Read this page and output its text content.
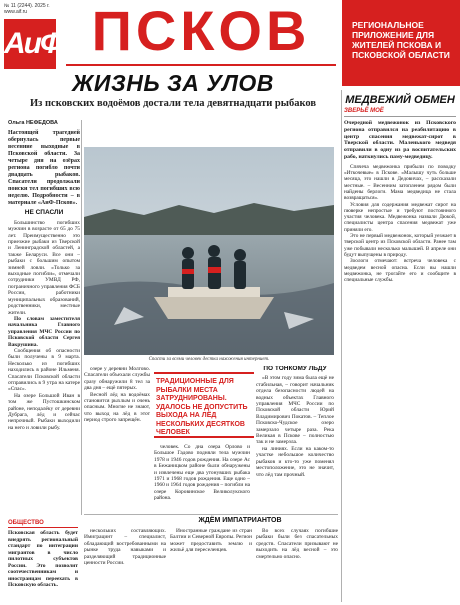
№ 11 (2244). 2025 г.
www.aif.ru
АиФ ПСКОВ	РЕГИОНАЛЬНОЕ ПРИЛОЖЕНИЕ ДЛЯ ЖИТЕЛЕЙ ПСКОВА И ПСКОВСКОЙ ОБЛАСТИ
ЖИЗНЬ ЗА УЛОВ
Из псковских водоёмов достали тела девятнадцати рыбаков
Ольга НЕФЁДОВА
Настоящей трагедией обернулась первые весенние выходные в Псковской области. За четыре дня на озёрах региона погибло почти двадцать рыбаков. Спасатели продолжали поиски тел погибших всю неделю. Подробности – в материале «АиФ-Псков».
НЕ СПАСЛИ

Большинство погибших мужчин в возрасте от 65 до 75 лет. Преимущественно это приезжие рыбаки из Тверской и Ленинградской областей, а также Беларуси. Все они – рыбаки с большим опытом зимней ловли. «Только за выходные погибли», отмечали сотрудники УМВД РФ, пограничного управления ФСБ России, работники муниципальных образований, родственники, местные жители.

По словам заместителя начальника Главного управления МЧС России по Псковской области Сергея Вакрушина.

Сообщения об опасности были получены в 9 марта. Несколько из погибших находились в районе Ильменя. Спасатели Псковской области отправились в 9 утра на катере «Спас».

На озере Большой Иван в том же Пустошкинском районе, неподалёку от деревни Дубрага, лёд и сейчас непрочный. Рыбаки выходили на него и ловили рыбу.

Спасти за всеми человек дестка нахожения интерниет.

озере у деревни Молгово. Спасатели объехали службы сразу обнаружили 8 тел за два дня – ещё пятерых.

Весной лёд на водоёмах становится рыхлым и очень опасным. Многие не знают, что выход на лёд в этот период строго запрещён.

ТРАДИЦИОННЫЕ ДЛЯ РЫБАЛКИ МЕСТА ЗАТРУДНИРОВАНЫ. УДАЛОСЬ НЕ ДОПУСТИТЬ ВЫХОДА НА ЛЁД НЕСКОЛЬКИХ ДЕСЯТКОВ ЧЕЛОВЕК

человек. Со дна озера Орлово и Большое Гадово подняли тела мужчин 1978 и 1946 годов рождения. На озере Ас в Бежаницком районе были обнаружены и извлечены еще два утонувших рыбака 1971 и 1968 годов рождения. Еще одно – 1960 и 1964 годов рождения – погибли на озере Коровинское Великолукского района.

ПО ТОНКОМУ ЛЬДУ

«В этом году зима была ещё не стабильная, – говорит начальник отдела безопасности людей на водных объектах Главного управления МЧС России по Псковской области Юрий Владимирович Покатов. – Теплое Псковско-Чудское озеро замерзало четыре раза. Река Великая в Пскове – полностью так и не замерзла.

на линиях. Если на каком-то участке небольшое количество рыбаков и кто-то уже поменял местоположение, это не значит, что лёд там прочный.

ЖДЁМ ИМПАТРИАНТОВ

нескольких составляющих. Имиграцинт – специалист, обладающий востребованными на рынке труда навыками и разделяющий традиционные ценности России.

Иностранные граждане из стран Балтии и Северной Европы. Регион может предоставить землю и жильё для переселенцев.

Во всех случаях погибшие рыбаки были без спасательных средств. Спасатели призывают не выходить на лёд весной – это смертельно опасно.

ОБЩЕСТВО
Псковская область будет внедрять региональный стандарт по интеграции мигрантов в число пилотных субъектов России. Это позволит соотечественникам и иностранцам переехать в Псковскую область.
МЕДВЕЖИЙ ОБМЕН
ЗВЕРЬЁ МОЁ
Очередной медвежонок из Псковского региона отправился на реабилитацию в центр спасения медвежат-сирот в Тверской области. Маленького медведя отправили в одну из ра воспитательских рабо, наткнулись паму-медведицу.

Спячеча медвежонка прибыли по поводку «Иткочевые» в Пскове. «Малышу чуть больше месяца, это нашли в Дедовичах, – рассказали местные. – Весенним затопленем рядом были найдены берлоги. Мама медведица не стала возвращаться».

Условия для содержания медвежат сирот на пюверке непростые и требуют постоянного участия человека. Медвежонка назвали Дюкой, специалисты центра спасения медвежат уже приняли его.

Это не первый медвежонок, который уезжает в тверской центр из Псковской области. Ранее там уже побывали несколько малышей. В апреле они будут выпущены в природу.

Зоологи отмечают: встреча человека с медведем весной опасна. Если вы нашли медвежонка, не трогайте его и сообщите в специальные службы.
